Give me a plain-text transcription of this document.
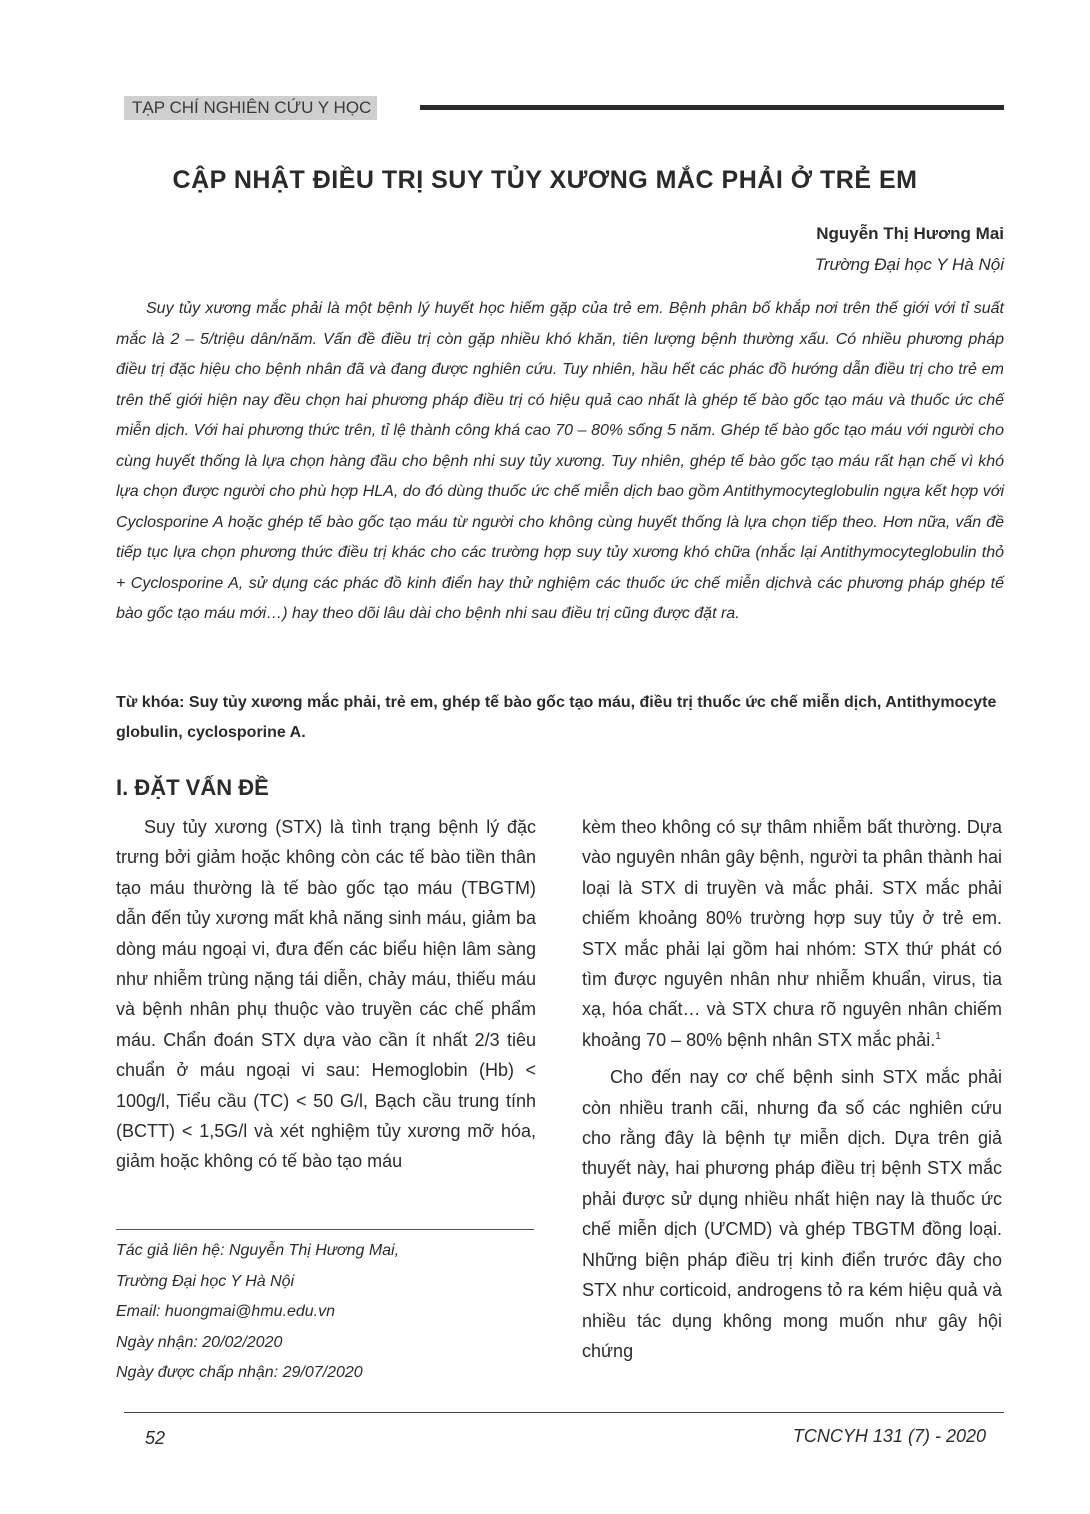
TẠP CHÍ NGHIÊN CỨU Y HỌC
CẬP NHẬT ĐIỀU TRỊ SUY TỦY XƯƠNG MẮC PHẢI Ở TRẺ EM
Nguyễn Thị Hương Mai
Trường Đại học Y Hà Nội

Suy tủy xương mắc phải là một bệnh lý huyết học hiếm gặp của trẻ em. Bệnh phân bố khắp nơi trên thế giới với tỉ suất mắc là 2 – 5/triệu dân/năm. Vấn đề điều trị còn gặp nhiều khó khăn, tiên lượng bệnh thường xấu. Có nhiều phương pháp điều trị đặc hiệu cho bệnh nhân đã và đang được nghiên cứu. Tuy nhiên, hầu hết các phác đồ hướng dẫn điều trị cho trẻ em trên thế giới hiện nay đều chọn hai phương pháp điều trị có hiệu quả cao nhất là ghép tế bào gốc tạo máu và thuốc ức chế miễn dịch. Với hai phương thức trên, tỉ lệ thành công khá cao 70 – 80% sống 5 năm. Ghép tế bào gốc tạo máu với người cho cùng huyết thống là lựa chọn hàng đầu cho bệnh nhi suy tủy xương. Tuy nhiên, ghép tế bào gốc tạo máu rất hạn chế vì khó lựa chọn được người cho phù hợp HLA, do đó dùng thuốc ức chế miễn dịch bao gồm Antithymocyteglobulin ngựa kết hợp với Cyclosporine A hoặc ghép tế bào gốc tạo máu từ người cho không cùng huyết thống là lựa chọn tiếp theo. Hơn nữa, vấn đề tiếp tục lựa chọn phương thức điều trị khác cho các trường hợp suy tủy xương khó chữa (nhắc lại Antithymocyteglobulin thỏ + Cyclosporine A, sử dụng các phác đồ kinh điển hay thử nghiệm các thuốc ức chế miễn dịchvà các phương pháp ghép tế bào gốc tạo máu mới…) hay theo dõi lâu dài cho bệnh nhi sau điều trị cũng được đặt ra.

Từ khóa: Suy tủy xương mắc phải, trẻ em, ghép tế bào gốc tạo máu, điều trị thuốc ức chế miễn dịch, Antithymocyte globulin, cyclosporine A.

I. ĐẶT VẤN ĐỀ

Suy tủy xương (STX) là tình trạng bệnh lý đặc trưng bởi giảm hoặc không còn các tế bào tiền thân tạo máu thường là tế bào gốc tạo máu (TBGTM) dẫn đến tủy xương mất khả năng sinh máu, giảm ba dòng máu ngoại vi, đưa đến các biểu hiện lâm sàng như nhiễm trùng nặng tái diễn, chảy máu, thiếu máu và bệnh nhân phụ thuộc vào truyền các chế phẩm máu. Chẩn đoán STX dựa vào cần ít nhất 2/3 tiêu chuẩn ở máu ngoại vi sau: Hemoglobin (Hb) < 100g/l, Tiểu cầu (TC) < 50 G/l, Bạch cầu trung tính (BCTT) < 1,5G/l và xét nghiệm tủy xương mỡ hóa, giảm hoặc không có tế bào tạo máu

kèm theo không có sự thâm nhiễm bất thường. Dựa vào nguyên nhân gây bệnh, người ta phân thành hai loại là STX di truyền và mắc phải. STX mắc phải chiếm khoảng 80% trường hợp suy tủy ở trẻ em. STX mắc phải lại gồm hai nhóm: STX thứ phát có tìm được nguyên nhân như nhiễm khuẩn, virus, tia xạ, hóa chất… và STX chưa rõ nguyên nhân chiếm khoảng 70 – 80% bệnh nhân STX mắc phải.$^1$

Cho đến nay cơ chế bệnh sinh STX mắc phải còn nhiều tranh cãi, nhưng đa số các nghiên cứu cho rằng đây là bệnh tự miễn dịch. Dựa trên giả thuyết này, hai phương pháp điều trị bệnh STX mắc phải được sử dụng nhiều nhất hiện nay là thuốc ức chế miễn dịch (ƯCMD) và ghép TBGTM đồng loại. Những biện pháp điều trị kinh điển trước đây cho STX như corticoid, androgens tỏ ra kém hiệu quả và nhiều tác dụng không mong muốn như gây hội chứng

Tác giả liên hệ: Nguyễn Thị Hương Mai,
Trường Đại học Y Hà Nội
Email: huongmai@hmu.edu.vn
Ngày nhận: 20/02/2020
Ngày được chấp nhận: 29/07/2020
52	TCNCYH 131 (7) - 2020
